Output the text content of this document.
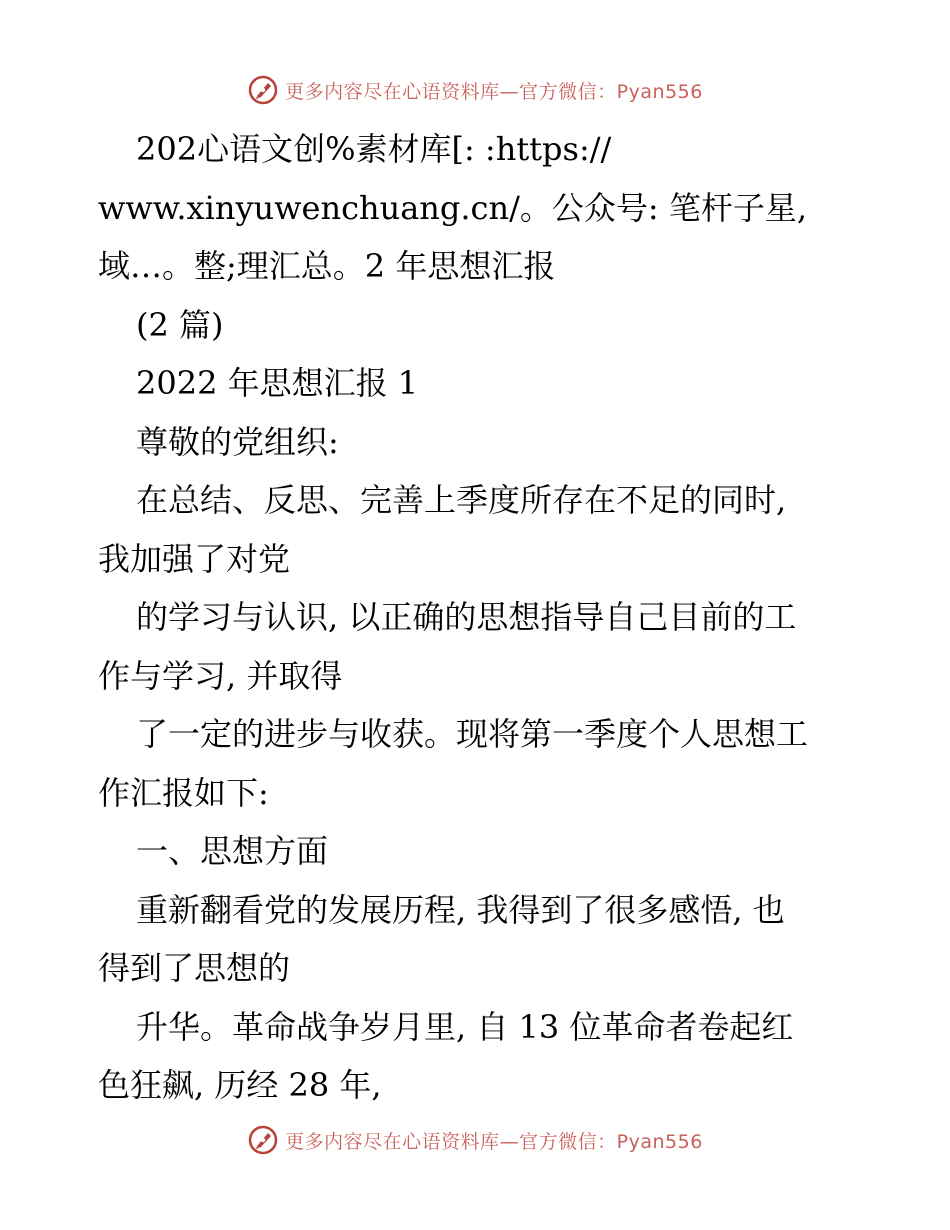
更多内容尽在心语资料库—官方微信：Pyan556
202心语文创%素材库[: :https://
www.xinyuwenchuang.cn/。公众号: 笔杆子星,
域…。整;理汇总。2 年思想汇报
(2 篇)
2022 年思想汇报 1
尊敬的党组织:
在总结、反思、完善上季度所存在不足的同时,
我加强了对党
的学习与认识, 以正确的思想指导自己目前的工
作与学习, 并取得
了一定的进步与收获。现将第一季度个人思想工
作汇报如下:
一、思想方面
重新翻看党的发展历程, 我得到了很多感悟, 也
得到了思想的
升华。革命战争岁月里, 自 13 位革命者卷起红
色狂飙, 历经 28 年,
更多内容尽在心语资料库—官方微信：Pyan556
